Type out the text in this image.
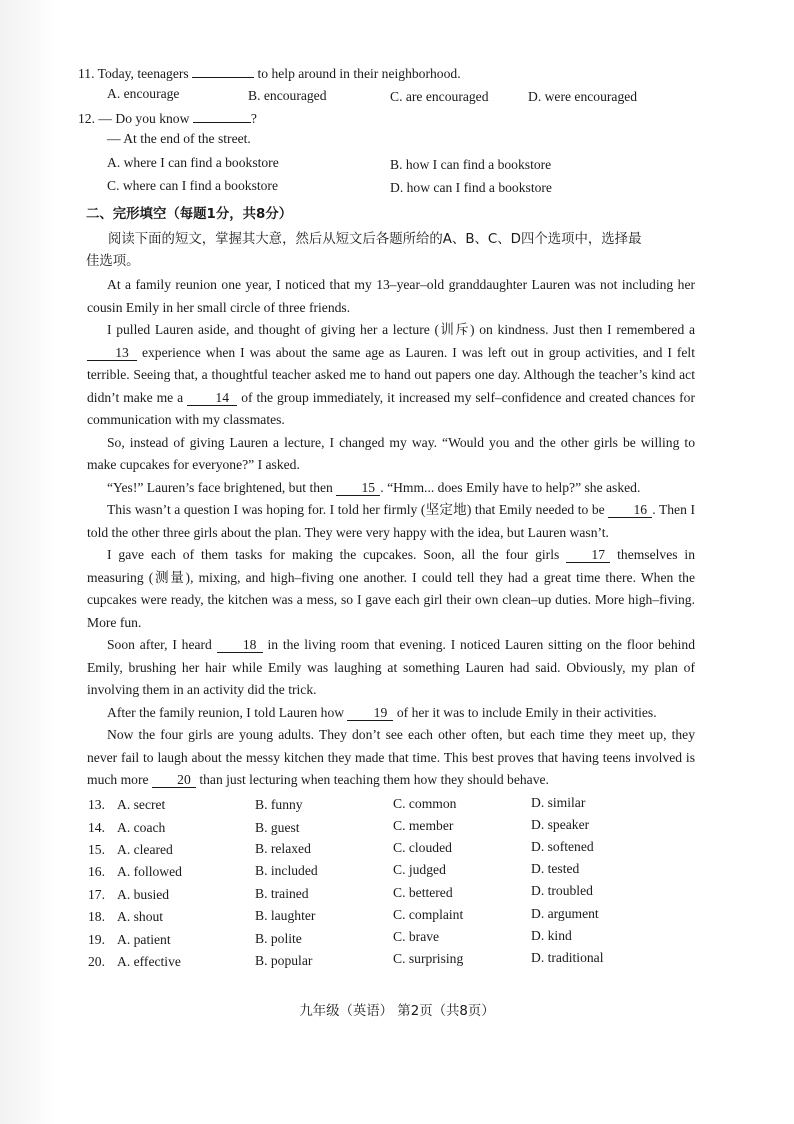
11. Today, teenagers	to help around in their neighborhood.
A. encourage	B. encouraged	C. are encouraged	D. were encouraged
12. — Do you know	?
— At the end of the street.
A. where I can find a bookstore	B. how I can find a bookstore
C. where can I find a bookstore	D. how can I find a bookstore
二、完形填空（每题1分，共8分）
阅读下面的短文，掌握其大意，然后从短文后各题所给的A、B、C、D四个选项中，选择最
佳选项。

At a family reunion one year, I noticed that my 13–year–old granddaughter Lauren was not including her cousin Emily in her small circle of three friends.

I pulled Lauren aside, and thought of giving her a lecture (训斥) on kindness. Just then I remembered a 13 experience when I was about the same age as Lauren. I was left out in group activities, and I felt terrible. Seeing that, a thoughtful teacher asked me to hand out papers one day. Although the teacher’s kind act didn’t make me a 14 of the group immediately, it increased my self–confidence and created chances for communication with my classmates.

So, instead of giving Lauren a lecture, I changed my way. “Would you and the other girls be willing to make cupcakes for everyone?” I asked.

“Yes!” Lauren’s face brightened, but then 15 . “Hmm... does Emily have to help?” she asked.

This wasn’t a question I was hoping for. I told her firmly (坚定地) that Emily needed to be 16 . Then I told the other three girls about the plan. They were very happy with the idea, but Lauren wasn’t.

I gave each of them tasks for making the cupcakes. Soon, all the four girls 17 themselves in measuring (测量), mixing, and high–fiving one another. I could tell they had a great time there. When the cupcakes were ready, the kitchen was a mess, so I gave each girl their own clean–up duties. More high–fiving. More fun.

Soon after, I heard 18 in the living room that evening. I noticed Lauren sitting on the floor behind Emily, brushing her hair while Emily was laughing at something Lauren had said. Obviously, my plan of involving them in an activity did the trick.

After the family reunion, I told Lauren how 19 of her it was to include Emily in their activities.

Now the four girls are young adults. They don’t see each other often, but each time they meet up, they never fail to laugh about the messy kitchen they made that time. This best proves that having teens involved is much more 20 than just lecturing when teaching them how they should behave.

13. A. secret	B. funny	C. common	D. similar
14. A. coach	B. guest	C. member	D. speaker
15. A. cleared	B. relaxed	C. clouded	D. softened
16. A. followed	B. included	C. judged	D. tested
17. A. busied	B. trained	C. bettered	D. troubled
18. A. shout	B. laughter	C. complaint	D. argument
19. A. patient	B. polite	C. brave	D. kind
20. A. effective	B. popular	C. surprising	D. traditional
九年级（英语） 第2页（共8页）
